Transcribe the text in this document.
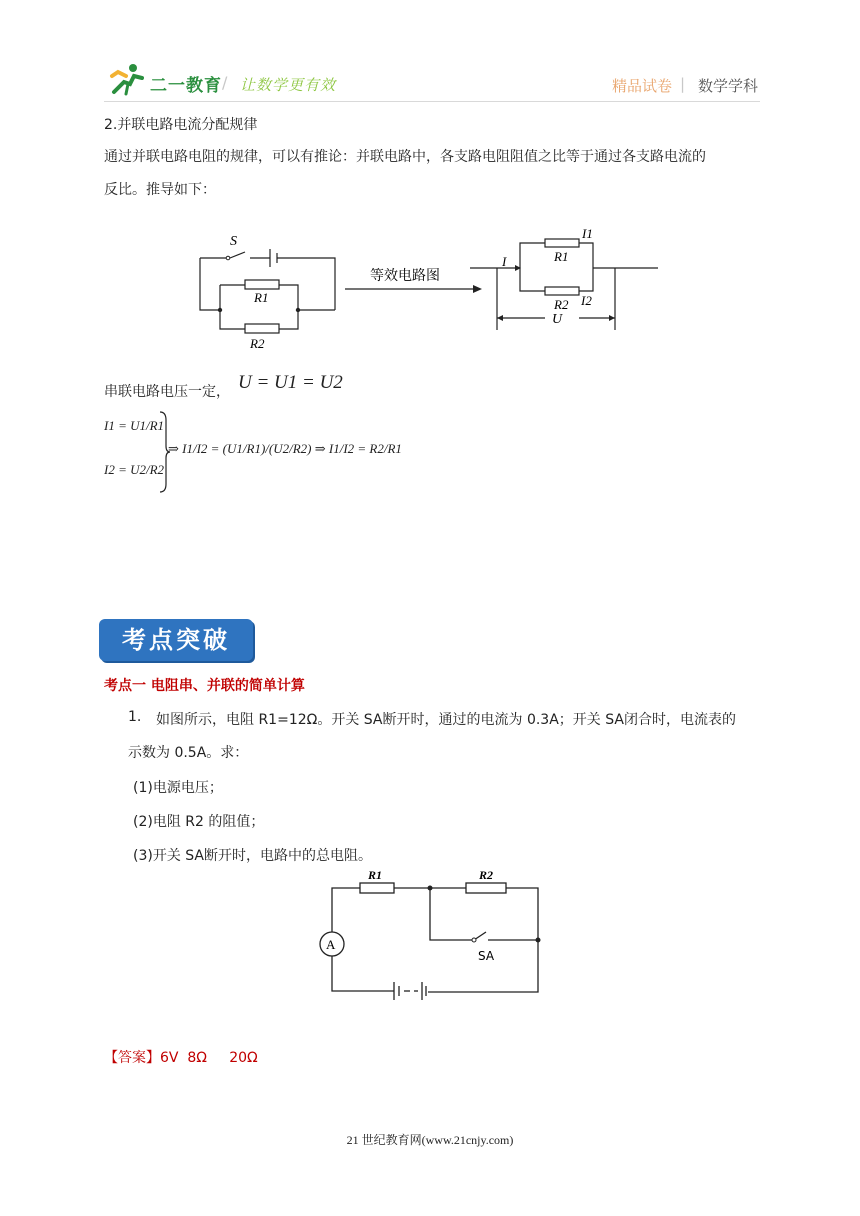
二一教育 / 让数学更有效	精品试卷 | 数学学科
2.并联电路电流分配规律
通过并联电路电阻的规律，可以有推论：并联电路中，各支路电阻阻值之比等于通过各支路电流的
反比。推导如下：
S
R1
R2
等效电路图
I
I1
R1
R2 I2
U
串联电路电压一定， U = U1 = U2
I1 = U1/R1
I2 = U2/R2
⇒ I1/I2 = (U1/R1)/(U2/R2) ⇒ I1/I2 = R2/R1
考点突破
考点一 电阻串、并联的简单计算
1. 如图所示，电阻 R1=12Ω。开关 SA断开时，通过的电流为 0.3A；开关 SA闭合时，电流表的
示数为 0.5A。求：
(1)电源电压；
(2)电阻 R2 的阻值；
(3)开关 SA断开时，电路中的总电阻。
A
R1	R2
SA
【答案】6V  8Ω     20Ω
21 世纪教育网(www.21cnjy.com)
